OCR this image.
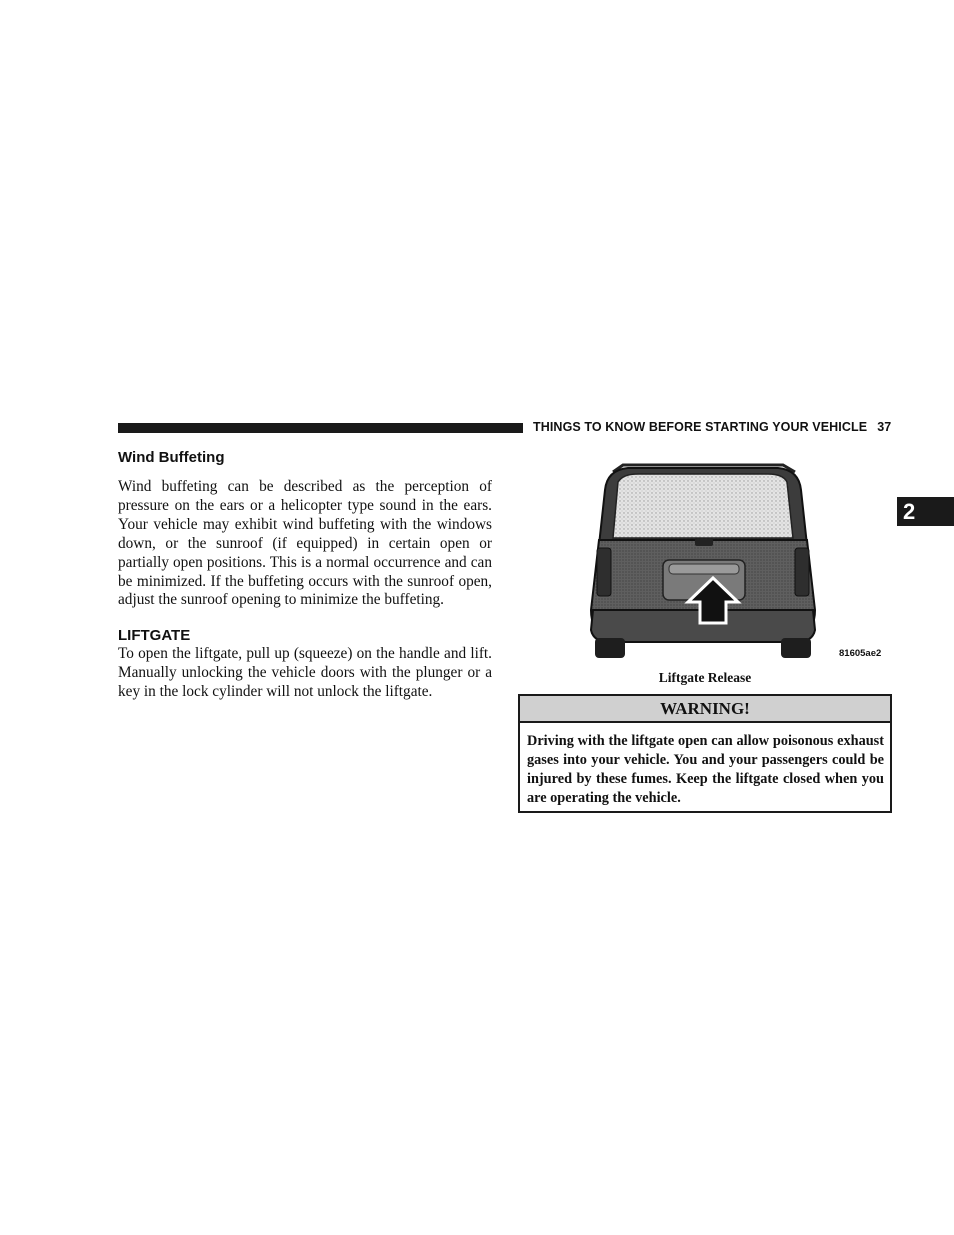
THINGS TO KNOW BEFORE STARTING YOUR VEHICLE 37
2
Wind Buffeting

Wind buffeting can be described as the perception of pressure on the ears or a helicopter type sound in the ears. Your vehicle may exhibit wind buffeting with the windows down, or the sunroof (if equipped) in certain open or partially open positions. This is a normal occurrence and can be minimized. If the buffeting occurs with the sunroof open, adjust the sunroof opening to minimize the buffeting.

LIFTGATE

To open the liftgate, pull up (squeeze) on the handle and lift. Manually unlocking the vehicle doors with the plunger or a key in the lock cylinder will not unlock the liftgate.

81605ae2
Liftgate Release
WARNING!

Driving with the liftgate open can allow poisonous exhaust gases into your vehicle. You and your passengers could be injured by these fumes. Keep the liftgate closed when you are operating the vehicle.
